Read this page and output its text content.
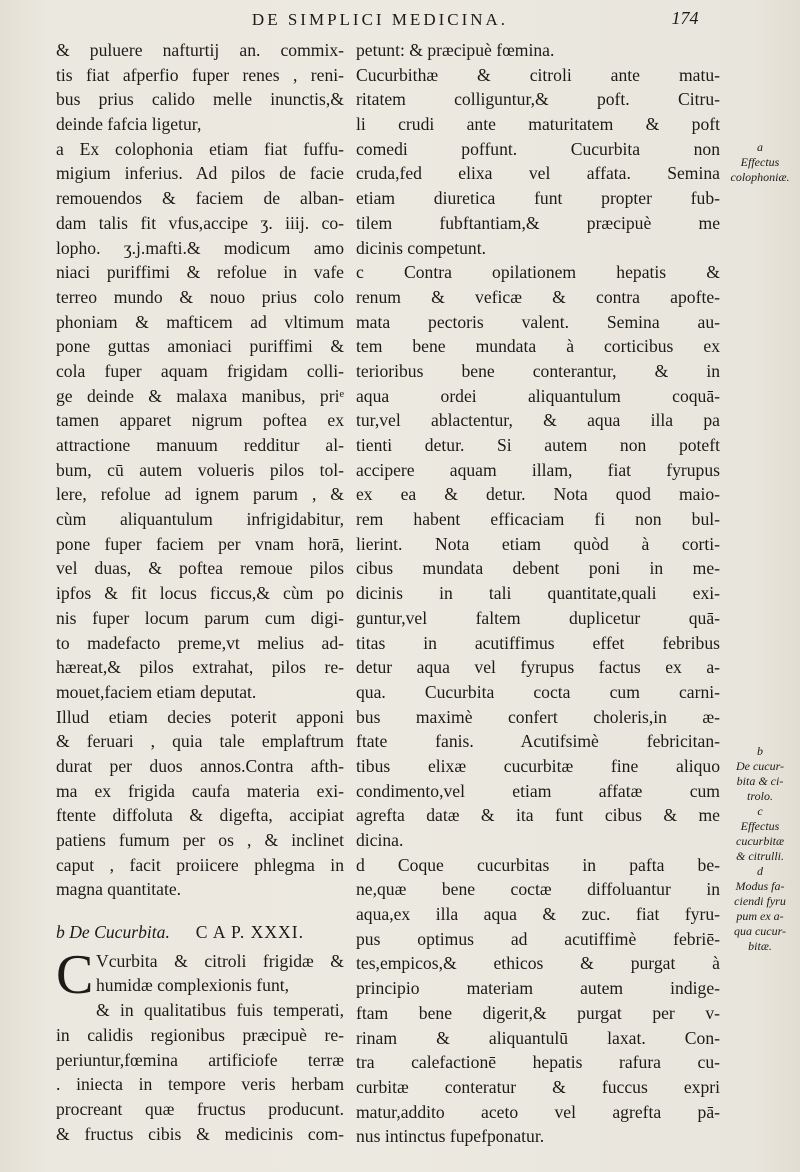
DE SIMPLICI MEDICINA.	174
& puluere nafturtij an. commix-
tis fiat afperfio fuper renes , reni-
bus prius calido melle inunctis,&
deinde fafcia ligetur,
a Ex colophonia etiam fiat fuffu-
migium inferius. Ad pilos de facie
remouendos & faciem de alban-
dam talis fit vfus,accipe ʒ. iiij. co-
lopho. ʒ.j.mafti.& modicum amo
niaci puriffimi & refolue in vafe
terreo mundo & nouo prius colo
phoniam & mafticem ad vltimum
pone guttas amoniaci puriffimi &
cola fuper aquam frigidam colli-
ge deinde & malaxa manibus, priᵉ
tamen apparet nigrum poftea ex
attractione manuum redditur al-
bum, cū autem volueris pilos tol-
lere, refolue ad ignem parum , &
cùm aliquantulum infrigidabitur,
pone fuper faciem per vnam horā,
vel duas, & poftea remoue pilos
ipfos & fit locus ficcus,& cùm po
nis fuper locum parum cum digi-
to madefacto preme,vt melius ad-
hæreat,& pilos extrahat, pilos re-
mouet,faciem etiam deputat.
Illud etiam decies poterit apponi
& feruari , quia tale emplaftrum
durat per duos annos.Contra afth-
ma ex frigida caufa materia exi-
ftente diffoluta & digefta, accipiat
patiens fumum per os , & inclinet
caput , facit proiicere phlegma in
magna quantitate.
b De Cucurbita. C A P. XXXI.
C Vcurbita & citroli frigidæ &
humidæ complexionis funt,
& in qualitatibus fuis temperati,
in calidis regionibus præcipuè re-
periuntur,fœmina artificiofe terræ
. iniecta in tempore veris herbam
procreant quæ fructus producunt.
& fructus cibis & medicinis com-
petunt: & præcipuè fœmina.
Cucurbithæ & citroli ante matu-
ritatem colliguntur,& poft. Citru-
li crudi ante maturitatem & poft
comedi poffunt. Cucurbita non
cruda,fed elixa vel affata. Semina
etiam diuretica funt propter fub-
tilem fubftantiam,& præcipuè me
dicinis competunt.
c Contra opilationem hepatis &
renum & veficæ & contra apofte-
mata pectoris valent. Semina au-
tem bene mundata à corticibus ex
terioribus bene conterantur, & in
aqua ordei aliquantulum coquā-
tur,vel ablactentur, & aqua illa pa
tienti detur. Si autem non poteft
accipere aquam illam, fiat fyrupus
ex ea & detur. Nota quod maio-
rem habent efficaciam fi non bul-
lierint. Nota etiam quòd à corti-
cibus mundata debent poni in me-
dicinis in tali quantitate,quali exi-
guntur,vel faltem duplicetur quā-
titas in acutiffimus effet febribus
detur aqua vel fyrupus factus ex a-
qua. Cucurbita cocta cum carni-
bus maximè confert choleris,in æ-
ftate fanis. Acutifsimè febricitan-
tibus elixæ cucurbitæ fine aliquo
condimento,vel etiam affatæ cum
agrefta datæ & ita funt cibus & me
dicina.
d Coque cucurbitas in pafta be-
ne,quæ bene coctæ diffoluantur in
aqua,ex illa aqua & zuc. fiat fyru-
pus optimus ad acutiffimè febriē-
tes,empicos,& ethicos & purgat à
principio materiam autem indige-
ftam bene digerit,& purgat per v-
rinam & aliquantulū laxat. Con-
tra calefactionē hepatis rafura cu-
curbitæ conteratur & fuccus expri
matur,addito aceto vel agrefta pā-
nus intinctus fupefponatur.
a
Effectus
colophoniæ.
b
De cucur-
bita & ci-
trolo.
c
Effectus
cucurbitæ
& citrulli.
d
Modus fa-
ciendi fyru
pum ex a-
qua cucur-
bitæ.
